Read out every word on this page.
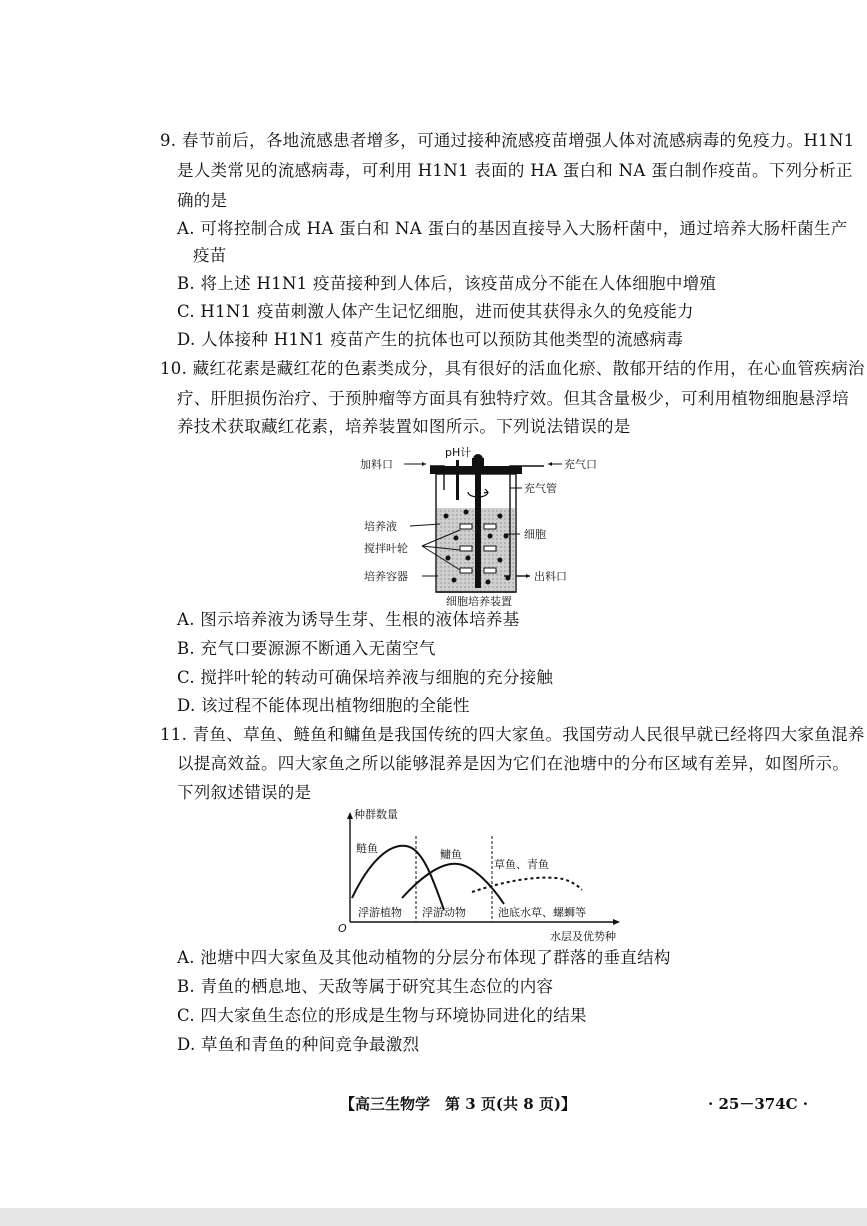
9. 春节前后，各地流感患者增多，可通过接种流感疫苗增强人体对流感病毒的免疫力。H1N1
是人类常见的流感病毒，可利用 H1N1 表面的 HA 蛋白和 NA 蛋白制作疫苗。下列分析正
确的是
A. 可将控制合成 HA 蛋白和 NA 蛋白的基因直接导入大肠杆菌中，通过培养大肠杆菌生产
疫苗
B. 将上述 H1N1 疫苗接种到人体后，该疫苗成分不能在人体细胞中增殖
C. H1N1 疫苗刺激人体产生记忆细胞，进而使其获得永久的免疫能力
D. 人体接种 H1N1 疫苗产生的抗体也可以预防其他类型的流感病毒
10. 藏红花素是藏红花的色素类成分，具有很好的活血化瘀、散郁开结的作用，在心血管疾病治
疗、肝胆损伤治疗、于预肿瘤等方面具有独特疗效。但其含量极少，可利用植物细胞悬浮培
养技术获取藏红花素，培养装置如图所示。下列说法错误的是
加料口
pH计
充气口
充气管
培养液
细胞
搅拌叶轮
培养容器	出料口
细胞培养装置
A. 图示培养液为诱导生芽、生根的液体培养基
B. 充气口要源源不断通入无菌空气
C. 搅拌叶轮的转动可确保培养液与细胞的充分接触
D. 该过程不能体现出植物细胞的全能性
11. 青鱼、草鱼、鲢鱼和鳙鱼是我国传统的四大家鱼。我国劳动人民很早就已经将四大家鱼混养
以提高效益。四大家鱼之所以能够混养是因为它们在池塘中的分布区域有差异，如图所示。
下列叙述错误的是
种群数量
O
水层及优势种
鲢鱼	鳙鱼
草鱼、青鱼
浮游植物 浮游动物	池底水草、螺蛳等
A. 池塘中四大家鱼及其他动植物的分层分布体现了群落的垂直结构
B. 青鱼的栖息地、天敌等属于研究其生态位的内容
C. 四大家鱼生态位的形成是生物与环境协同进化的结果
D. 草鱼和青鱼的种间竞争最激烈
【高三生物学　第 3 页(共 8 页)】	· 25－374C ·
